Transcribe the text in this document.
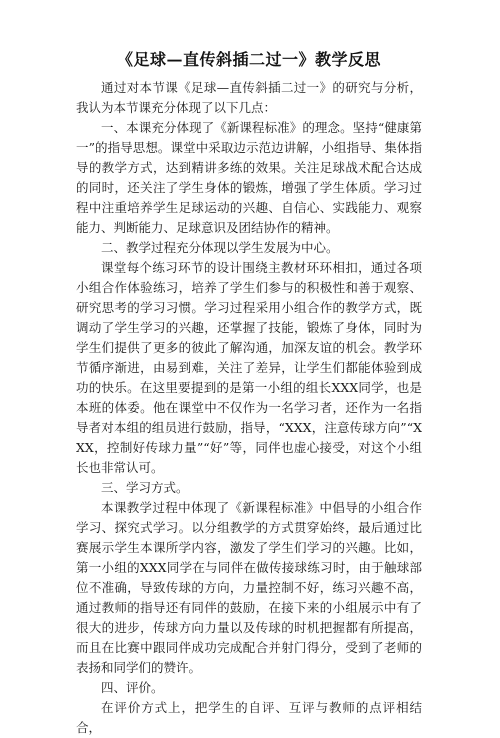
《足球—直传斜插二过一》教学反思

通过对本节课《足球—直传斜插二过一》的研究与分析，我认为本节课充分体现了以下几点：

一、本课充分体现了《新课程标准》的理念。坚持“健康第一”的指导思想。课堂中采取边示范边讲解，小组指导、集体指导的教学方式，达到精讲多练的效果。关注足球战术配合达成的同时，还关注了学生身体的锻炼，增强了学生体质。学习过程中注重培养学生足球运动的兴趣、自信心、实践能力、观察能力、判断能力、足球意识及团结协作的精神。

二、教学过程充分体现以学生发展为中心。

课堂每个练习环节的设计围绕主教材环环相扣，通过各项小组合作体验练习，培养了学生们参与的积极性和善于观察、研究思考的学习习惯。学习过程采用小组合作的教学方式，既调动了学生学习的兴趣，还掌握了技能，锻炼了身体，同时为学生们提供了更多的彼此了解沟通，加深友谊的机会。教学环节循序渐进，由易到难，关注了差异，让学生们都能体验到成功的快乐。在这里要提到的是第一小组的组长XXX同学，也是本班的体委。他在课堂中不仅作为一名学习者，还作为一名指导者对本组的组员进行鼓励，指导，“XXX，注意传球方向”“XXX，控制好传球力量”“好”等，同伴也虚心接受，对这个小组长也非常认可。

三、学习方式。

本课教学过程中体现了《新课程标准》中倡导的小组合作学习、探究式学习。以分组教学的方式贯穿始终，最后通过比赛展示学生本课所学内容，激发了学生们学习的兴趣。比如，第一小组的XXX同学在与同伴在做传接球练习时，由于触球部位不准确，导致传球的方向，力量控制不好，练习兴趣不高，通过教师的指导还有同伴的鼓励，在接下来的小组展示中有了很大的进步，传球方向力量以及传球的时机把握都有所提高，而且在比赛中跟同伴成功完成配合并射门得分，受到了老师的表扬和同学们的赞许。

四、评价。

在评价方式上，把学生的自评、互评与教师的点评相结合，
